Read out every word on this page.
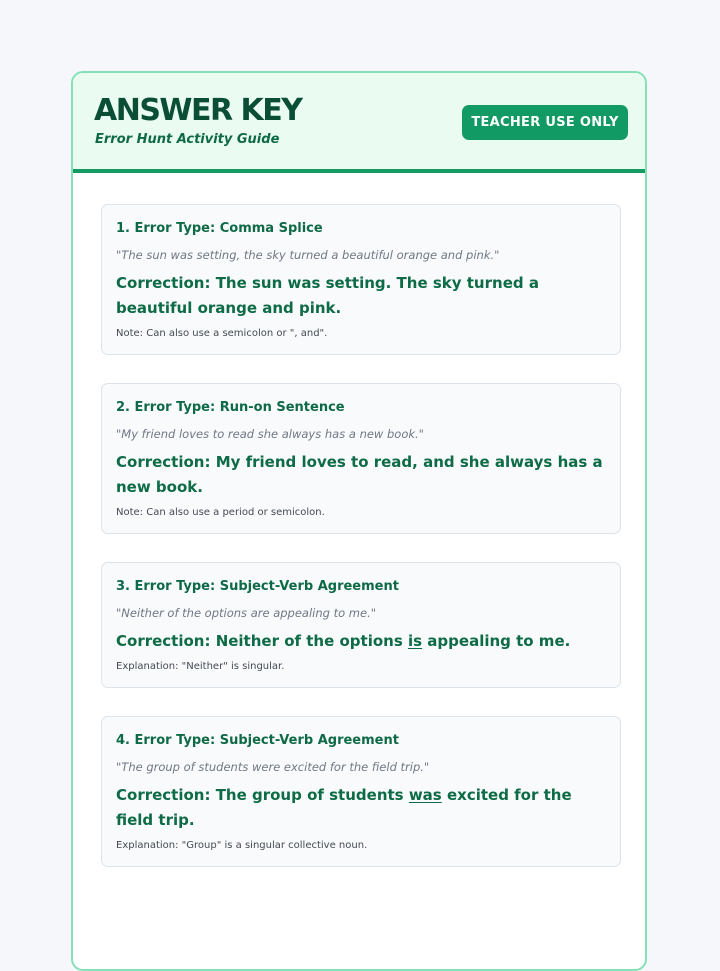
ANSWER KEY
Error Hunt Activity Guide
TEACHER USE ONLY
1. Error Type: Comma Splice
"The sun was setting, the sky turned a beautiful orange and pink."
Correction: The sun was setting. The sky turned a beautiful orange and pink.
Note: Can also use a semicolon or ", and".
2. Error Type: Run-on Sentence
"My friend loves to read she always has a new book."
Correction: My friend loves to read, and she always has a new book.
Note: Can also use a period or semicolon.
3. Error Type: Subject-Verb Agreement
"Neither of the options are appealing to me."
Correction: Neither of the options is appealing to me.
Explanation: "Neither" is singular.
4. Error Type: Subject-Verb Agreement
"The group of students were excited for the field trip."
Correction: The group of students was excited for the field trip.
Explanation: "Group" is a singular collective noun.
